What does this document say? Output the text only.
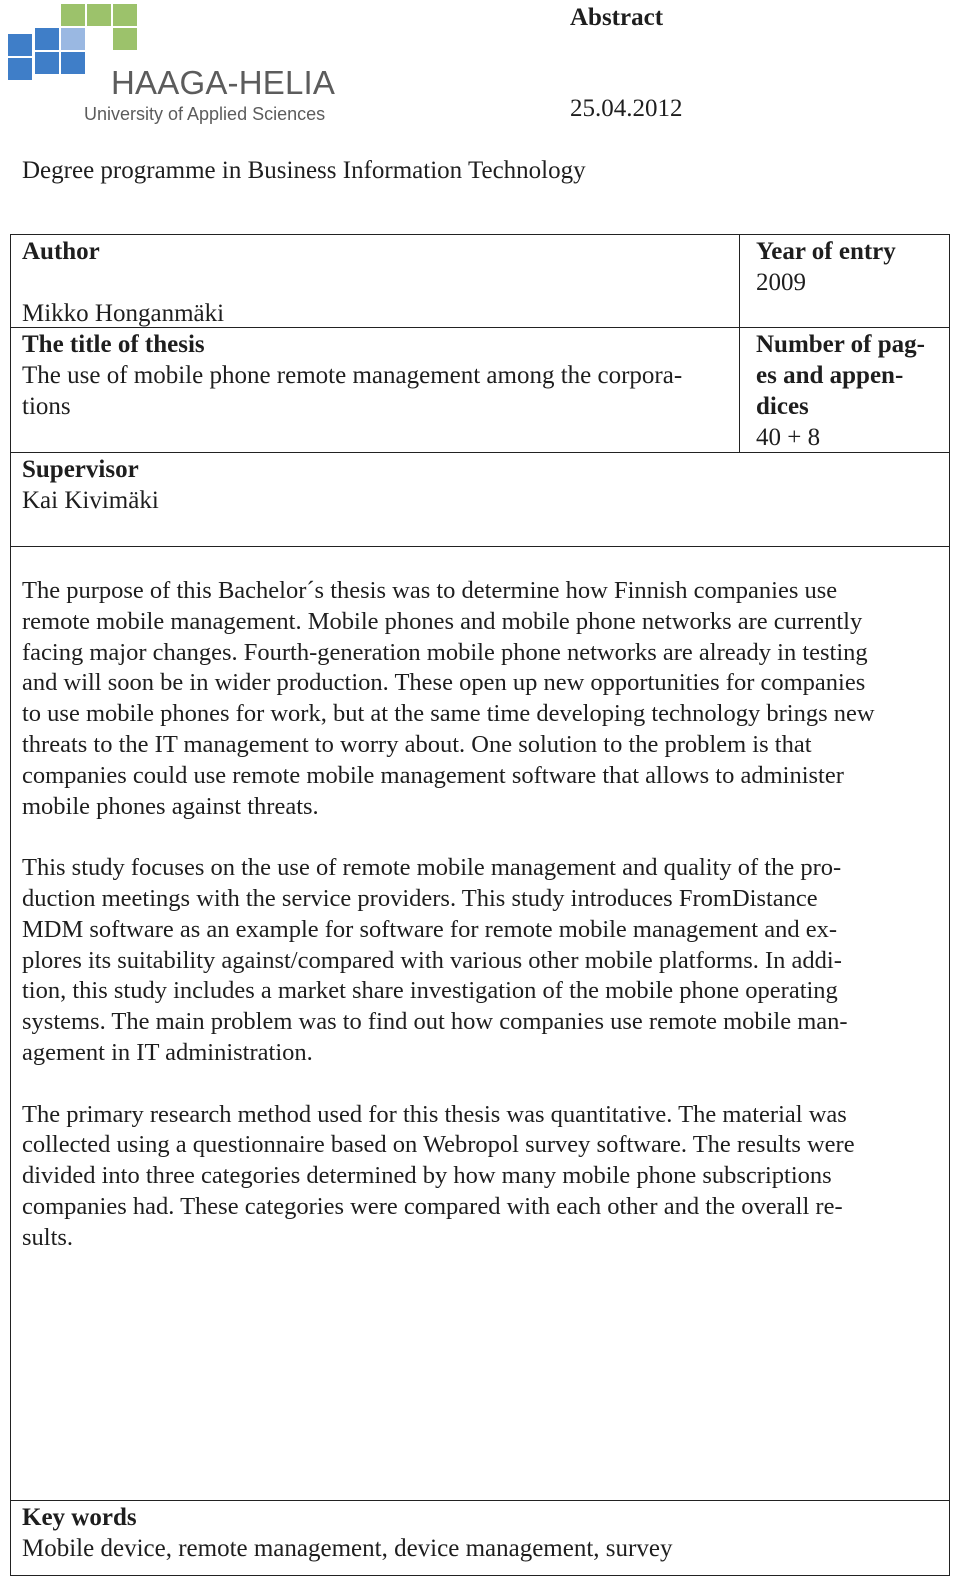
HAAGA-HELIA
University of Applied Sciences
Abstract
25.04.2012
Degree programme in Business Information Technology
Author
Mikko Honganmäki
Year of entry
2009
The title of thesis
The use of mobile phone remote management among the corpora-
tions
Number of pag-
es and appen-
dices
40 + 8
Supervisor
Kai Kivimäki

The purpose of this Bachelor´s thesis was to determine how Finnish companies use
remote mobile management. Mobile phones and mobile phone networks are currently
facing major changes. Fourth-generation mobile phone networks are already in testing
and will soon be in wider production. These open up new opportunities for companies
to use mobile phones for work, but at the same time developing technology brings new
threats to the IT management to worry about. One solution to the problem is that
companies could use remote mobile management software that allows to administer
mobile phones against threats.

This study focuses on the use of remote mobile management and quality of the pro-
duction meetings with the service providers. This study introduces FromDistance
MDM software as an example for software for remote mobile management and ex-
plores its suitability against/compared with various other mobile platforms. In addi-
tion, this study includes a market share investigation of the mobile phone operating
systems. The main problem was to find out how companies use remote mobile man-
agement in IT administration.

The primary research method used for this thesis was quantitative. The material was
collected using a questionnaire based on Webropol survey software. The results were
divided into three categories determined by how many mobile phone subscriptions
companies had. These categories were compared with each other and the overall re-
sults.

Key words
Mobile device, remote management, device management, survey
